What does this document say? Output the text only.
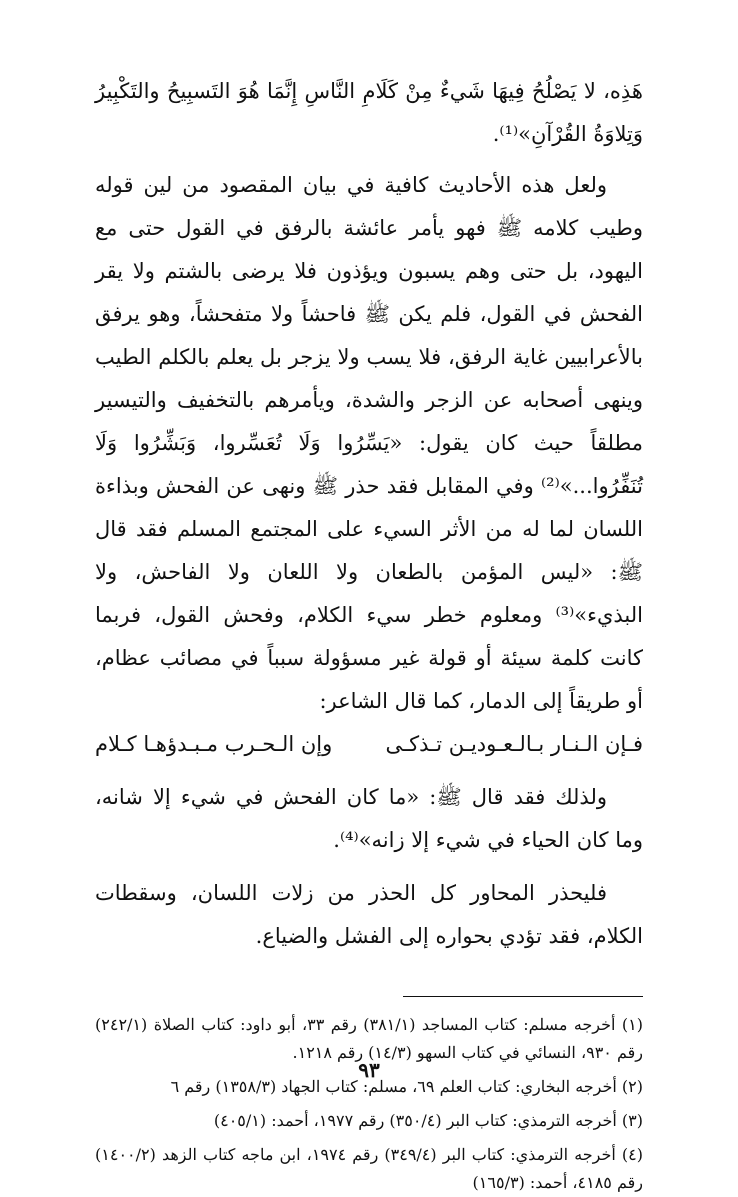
هَذِه، لا يَصْلُحُ فِيهَا شَيءٌ مِنْ كَلَامِ النَّاسِ إِنَّمَا هُوَ التَسبِيحُ والتَكْبِيرُ وَتِلاوَةُ القُرْآنِ»⁽¹⁾.

ولعل هذه الأحاديث كافية في بيان المقصود من لين قوله وطيب كلامه ﷺ فهو يأمر عائشة بالرفق في القول حتى مع اليهود، بل حتى وهم يسبون ويؤذون فلا يرضى بالشتم ولا يقر الفحش في القول، فلم يكن ﷺ فاحشاً ولا متفحشاً، وهو يرفق بالأعرابيين غاية الرفق، فلا يسب ولا يزجر بل يعلم بالكلم الطيب وينهى أصحابه عن الزجر والشدة، ويأمرهم بالتخفيف والتيسير مطلقاً حيث كان يقول: «يَسِّرُوا وَلَا تُعَسِّروا، وَبَشِّرُوا وَلَا تُنَفِّرُوا...»⁽²⁾ وفي المقابل فقد حذر ﷺ ونهى عن الفحش وبذاءة اللسان لما له من الأثر السيء على المجتمع المسلم فقد قال ﷺ: «ليس المؤمن بالطعان ولا اللعان ولا الفاحش، ولا البذيء»⁽³⁾ ومعلوم خطر سيء الكلام، وفحش القول، فربما كانت كلمة سيئة أو قولة غير مسؤولة سبباً في مصائب عظام، أو طريقاً إلى الدمار، كما قال الشاعر:

فـإن الـنـار بـالـعـوديـن تـذكـى
وإن الـحـرب مـبـدؤهـا كـلام

ولذلك فقد قال ﷺ: «ما كان الفحش في شيء إلا شانه، وما كان الحياء في شيء إلا زانه»⁽⁴⁾.

فليحذر المحاور كل الحذر من زلات اللسان، وسقطات الكلام، فقد تؤدي بحواره إلى الفشل والضياع.

(١) أخرجه مسلم: كتاب المساجد (٣٨١/١) رقم ٣٣، أبو داود: كتاب الصلاة (٢٤٢/١) رقم ٩٣٠، النسائي في كتاب السهو (١٤/٣) رقم ١٢١٨.

(٢) أخرجه البخاري: كتاب العلم ٦٩، مسلم: كتاب الجهاد (١٣٥٨/٣) رقم ٦

(٣) أخرجه الترمذي: كتاب البر (٣٥٠/٤) رقم ١٩٧٧، أحمد: (٤٠٥/١)

(٤) أخرجه الترمذي: كتاب البر (٣٤٩/٤) رقم ١٩٧٤، ابن ماجه كتاب الزهد (١٤٠٠/٢) رقم ٤١٨٥، أحمد: (١٦٥/٣)

٩٣
